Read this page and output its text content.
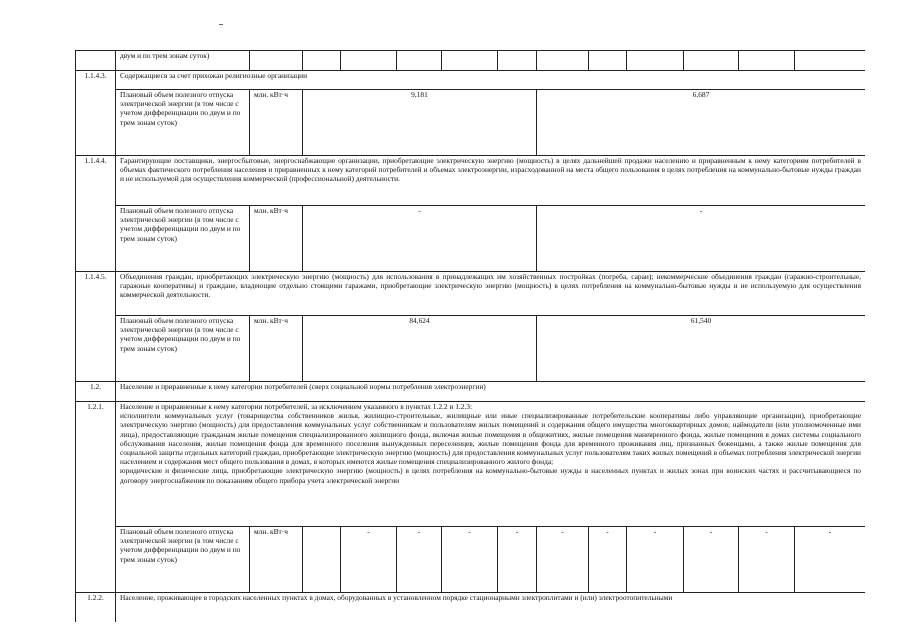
	двум и по трем зонам суток)												
1.1.4.3.	Содержащиеся за счет прихожан религиозные организации												
	Плановый объем полезного отпуска электрической энергии (в том числе с учетом дифференциации по двум и по трем зонам суток)	млн. кВт·ч	9,181					6,687					
1.1.4.4.	Гарантирующие поставщики, энергосбытовые, энергоснабжающие организации, приобретающие электрическую энергию (мощность) в целях дальнейшей продажи населению и приравненным к нему категориям потребителей в объемах фактического потребления населения и приравненных к нему категорий потребителей и объемах электроэнергии, израсходованной на места общего пользования в целях потребления на коммунально-бытовые нужды граждан и не используемой для осуществления коммерческой (профессиональной) деятельности.												
	Плановый объем полезного отпуска электрической энергии (в том числе с учетом дифференциации по двум и по трем зонам суток)	млн. кВт·ч	-					-					
1.1.4.5.	Объединения граждан, приобретающих электрическую энергию (мощность) для использования в принадлежащих им хозяйственных постройках (погреба, сараи); некоммерческие объединения граждан (гаражно-строительные, гаражные кооперативы) и граждане, владеющие отдельно стоящими гаражами, приобретающие электрическую энергию (мощность) в целях потребления на коммунально-бытовые нужды и не используемую для осуществления коммерческой деятельности.												
	Плановый объем полезного отпуска электрической энергии (в том числе с учетом дифференциации по двум и по трем зонам суток)	млн. кВт·ч	84,624					61,540					
1.2.	Население и приравненные к нему категории потребителей (сверх социальной нормы потребления электроэнергии)												
1.2.1.	Население и приравненные к нему категории потребителей, за исключением указанного в пунктах 1.2.2 и 1.2.3:
исполнители коммунальных услуг (товарищества собственников жилья, жилищно-строительные, жилищные или иные специализированные потребительские кооперативы либо управляющие организации), приобретающие электрическую энергию (мощность) для предоставления коммунальных услуг собственникам и пользователям жилых помещений и содержания общего имущества многоквартирных домов; наймодатели (или уполномоченные ими лица), предоставляющие гражданам жилые помещения специализированного жилищного фонда, включая жилые помещения в общежитиях, жилые помещения маневренного фонда, жилые помещения в домах системы социального обслуживания населения, жилые помещения фонда для временного поселения вынужденных переселенцев, жилые помещения фонда для временного проживания лиц, признанных беженцами, а также жилые помещения для социальной защиты отдельных категорий граждан, приобретающие электрическую энергию (мощность) для предоставления коммунальных услуг пользователям таких жилых помещений в объемах потребления электрической энергии населением и содержания мест общего пользования в домах, в которых имеются жилые помещения специализированного жилого фонда;
юридические и физические лица, приобретающие электрическую энергию (мощность) в целях потребления на коммунально-бытовые нужды в населенных пунктах и жилых зонах при воинских частях и рассчитывающиеся по договору энергоснабжения по показаниям общего прибора учета электрической энергии												

	Плановый объем полезного отпуска электрической энергии (в том числе с учетом дифференциации по двум и по трем зонам суток)	млн. кВт·ч		-	-	-	-	-	-	-	-	-	-
1.2.2.	Население, проживающее в городских населенных пунктах в домах, оборудованных в установленном порядке стационарными электроплитами и (или) электроотопительными												
